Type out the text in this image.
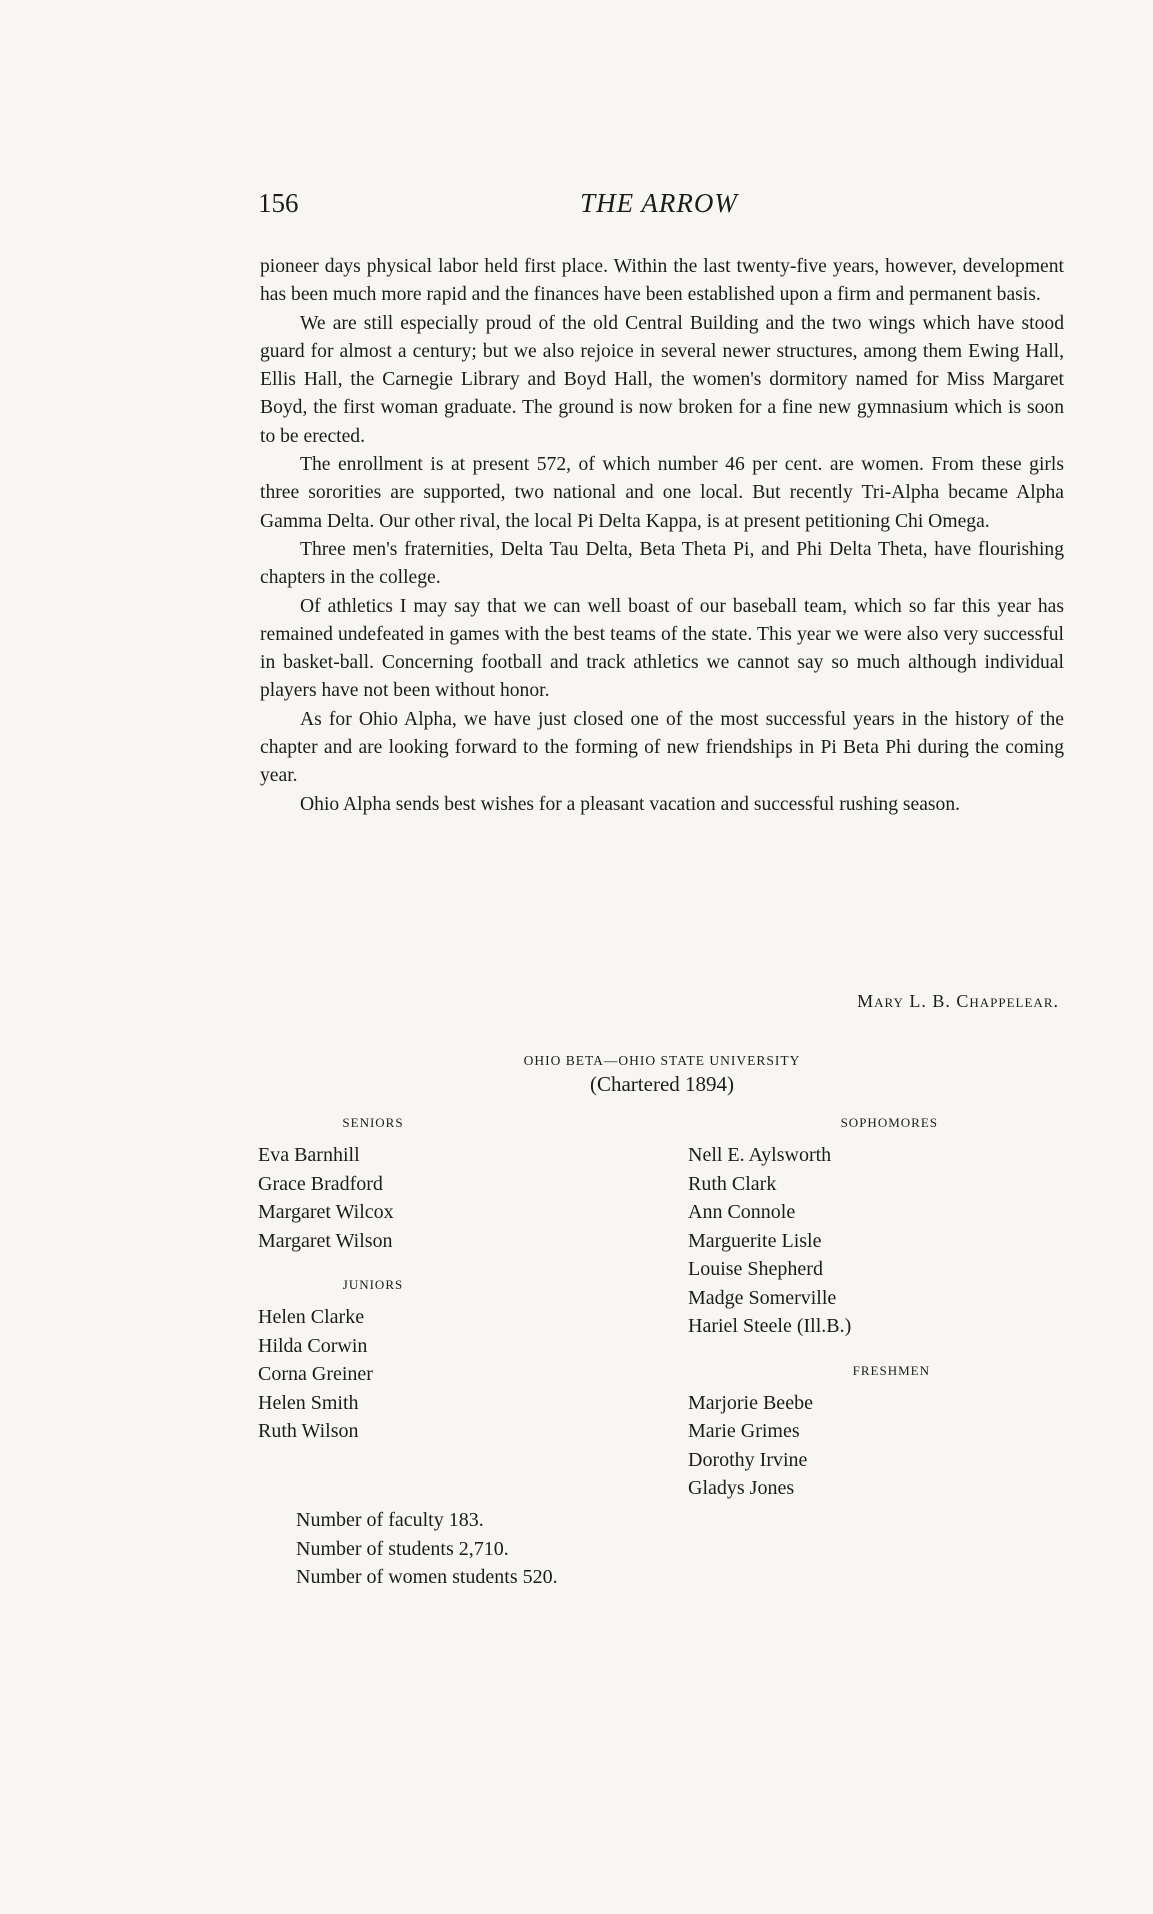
156	THE ARROW

pioneer days physical labor held first place. Within the last twenty-five years, however, development has been much more rapid and the finances have been established upon a firm and permanent basis.

We are still especially proud of the old Central Building and the two wings which have stood guard for almost a century; but we also rejoice in several newer structures, among them Ewing Hall, Ellis Hall, the Carnegie Library and Boyd Hall, the women's dormitory named for Miss Margaret Boyd, the first woman graduate. The ground is now broken for a fine new gymnasium which is soon to be erected.

The enrollment is at present 572, of which number 46 per cent. are women. From these girls three sororities are supported, two national and one local. But recently Tri-Alpha became Alpha Gamma Delta. Our other rival, the local Pi Delta Kappa, is at present petitioning Chi Omega.

Three men's fraternities, Delta Tau Delta, Beta Theta Pi, and Phi Delta Theta, have flourishing chapters in the college.

Of athletics I may say that we can well boast of our baseball team, which so far this year has remained undefeated in games with the best teams of the state. This year we were also very successful in basket-ball. Concerning football and track athletics we cannot say so much although individual players have not been without honor.

As for Ohio Alpha, we have just closed one of the most successful years in the history of the chapter and are looking forward to the forming of new friendships in Pi Beta Phi during the coming year.

Ohio Alpha sends best wishes for a pleasant vacation and successful rushing season.

Mary L. B. Chappelear.
OHIO BETA—OHIO STATE UNIVERSITY
(Chartered 1894)
SENIORS
Eva Barnhill
Grace Bradford
Margaret Wilcox
Margaret Wilson
JUNIORS
Helen Clarke
Hilda Corwin
Corna Greiner
Helen Smith
Ruth Wilson
SOPHOMORES
Nell E. Aylsworth
Ruth Clark
Ann Connole
Marguerite Lisle
Louise Shepherd
Madge Somerville
Hariel Steele (Ill.B.)
FRESHMEN
Marjorie Beebe
Marie Grimes
Dorothy Irvine
Gladys Jones
Number of faculty 183.
Number of students 2,710.
Number of women students 520.
